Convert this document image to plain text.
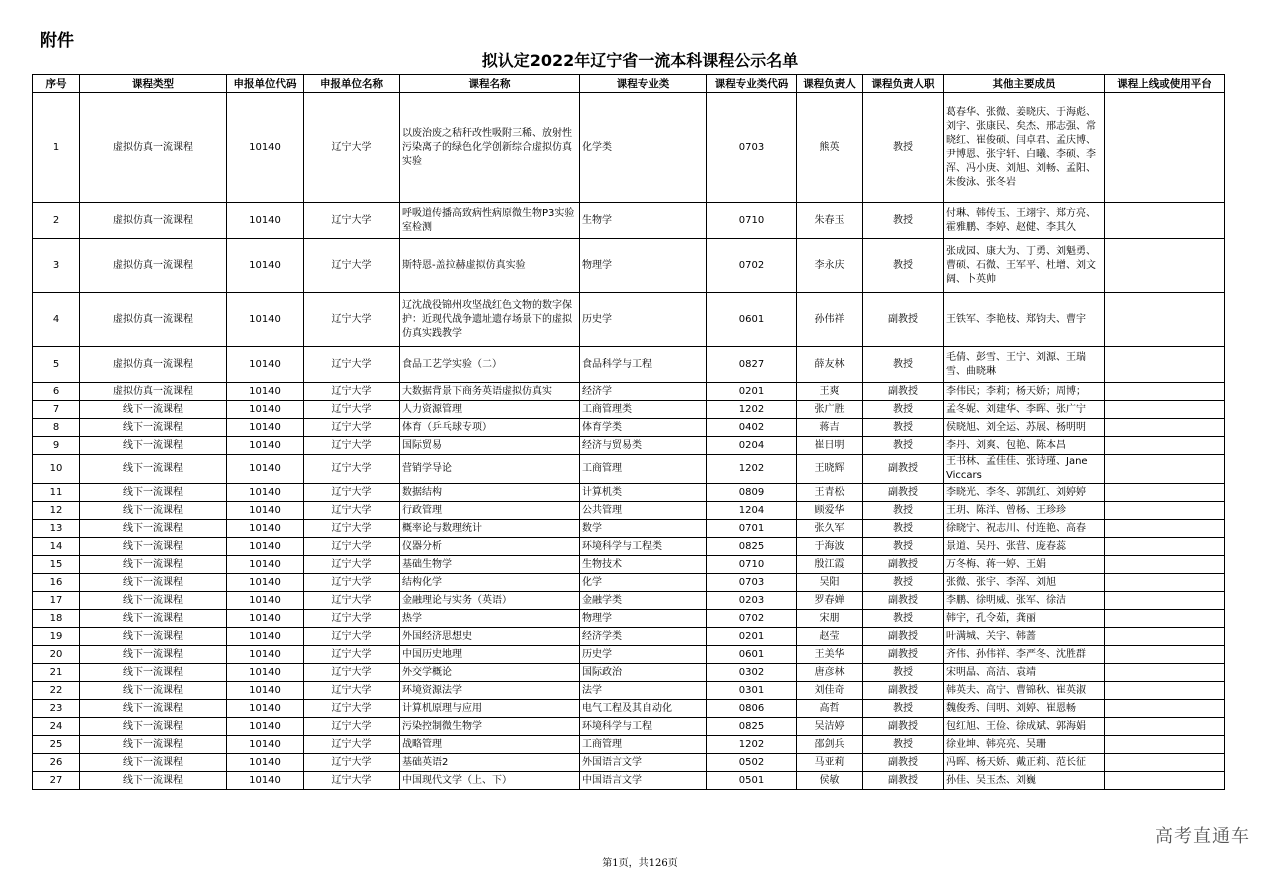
附件
拟认定2022年辽宁省一流本科课程公示名单
序号	课程类型	申报单位代码	申报单位名称	课程名称	课程专业类	课程专业类代码	课程负责人	课程负责人职	其他主要成员	课程上线或使用平台
1	虚拟仿真一流课程	10140	辽宁大学	以废治废之秸秆改性吸附三稀、放射性污染离子的绿色化学创新综合虚拟仿真实验	化学类	0703	熊英	教授	葛春华、张微、姜晓庆、于海彪、刘宇、张康民、矣杰、邢志强、常晓红、崔俊硕、闫卓君、孟庆博、尹博恩、张宇轩、白曦、李硕、李浑、冯小庚、刘旭、刘畅、孟阳、朱俊泳、张冬岩	
2	虚拟仿真一流课程	10140	辽宁大学	呼吸道传播高致病性病原微生物P3实验室检测	生物学	0710	朱春玉	教授	付琳、韩传玉、王翊宇、郑方亮、霍雅鹏、李婷、赵健、李其久	
3	虚拟仿真一流课程	10140	辽宁大学	斯特恩-盖拉赫虚拟仿真实验	物理学	0702	李永庆	教授	张成园、康大为、丁勇、刘魁勇、曹硕、石微、王军平、杜增、刘文阔、卜英帅	
4	虚拟仿真一流课程	10140	辽宁大学	辽沈战役锦州攻坚战红色文物的数字保护：近现代战争遗址遗存场景下的虚拟仿真实践教学	历史学	0601	孙伟祥	副教授	王铁军、李艳枝、郑钧夫、曹宇	
5	虚拟仿真一流课程	10140	辽宁大学	食品工艺学实验（二）	食品科学与工程	0827	薛友林	教授	毛倩、彭雪、王宁、刘源、王瑞雪、曲晓琳	
6	虚拟仿真一流课程	10140	辽宁大学	大数据背景下商务英语虚拟仿真实	经济学	0201	王爽	副教授	李伟民；李莉；杨天娇；周博；	
7	线下一流课程	10140	辽宁大学	人力资源管理	工商管理类	1202	张广胜	教授	孟冬妮、刘建华、李晖、张广宁	
8	线下一流课程	10140	辽宁大学	体育（乒乓球专项）	体育学类	0402	蒋吉	教授	侯晓旭、刘全运、苏展、杨明明	
9	线下一流课程	10140	辽宁大学	国际贸易	经济与贸易类	0204	崔日明	教授	李丹、刘爽、包艳、陈本昌	
10	线下一流课程	10140	辽宁大学	营销学导论	工商管理	1202	王晓辉	副教授	王书林、孟佳佳、张诗瑾、Jane Viccars	
11	线下一流课程	10140	辽宁大学	数据结构	计算机类	0809	王青松	副教授	李晓光、李冬、郭凯红、刘婷婷	
12	线下一流课程	10140	辽宁大学	行政管理	公共管理	1204	顾爱华	教授	王玥、陈洋、曾杨、王珍珍	
13	线下一流课程	10140	辽宁大学	概率论与数理统计	数学	0701	张久军	教授	徐晓宁、祝志川、付连艳、高春	
14	线下一流课程	10140	辽宁大学	仪器分析	环境科学与工程类	0825	于海波	教授	景道、吴丹、张营、庞春蕊	
15	线下一流课程	10140	辽宁大学	基础生物学	生物技术	0710	殷江霞	副教授	万冬梅、蒋一婷、王娟	
16	线下一流课程	10140	辽宁大学	结构化学	化学	0703	吴阳	教授	张微、张宇、李浑、刘旭	
17	线下一流课程	10140	辽宁大学	金融理论与实务（英语）	金融学类	0203	罗春婵	副教授	李鹏、徐明威、张军、徐洁	
18	线下一流课程	10140	辽宁大学	热学	物理学	0702	宋朋	教授	韩宇，孔令茹，龚丽	
19	线下一流课程	10140	辽宁大学	外国经济思想史	经济学类	0201	赵莹	副教授	叶满城、关宇、韩蔷	
20	线下一流课程	10140	辽宁大学	中国历史地理	历史学	0601	王美华	副教授	齐伟、孙伟祥、李严冬、沈胜群	
21	线下一流课程	10140	辽宁大学	外交学概论	国际政治	0302	唐彦林	教授	宋明晶、高洁、袁靖	
22	线下一流课程	10140	辽宁大学	环境资源法学	法学	0301	刘佳奇	副教授	韩英夫、高宁、曹锦秋、崔英淑	
23	线下一流课程	10140	辽宁大学	计算机原理与应用	电气工程及其自动化	0806	高哲	教授	魏俊秀、闫明、刘婷、崔恩畅	
24	线下一流课程	10140	辽宁大学	污染控制微生物学	环境科学与工程	0825	吴洁婷	副教授	包红旭、王俭、徐成斌、郭海娟	
25	线下一流课程	10140	辽宁大学	战略管理	工商管理	1202	邵剑兵	教授	徐业坤、韩亮亮、吴珊	
26	线下一流课程	10140	辽宁大学	基础英语2	外国语言文学	0502	马亚莉	副教授	冯晖、杨天娇、戴正莉、范长征	
27	线下一流课程	10140	辽宁大学	中国现代文学（上、下）	中国语言文学	0501	侯敏	副教授	孙佳、吴玉杰、刘巍	
第1页，共126页
高考直通车
